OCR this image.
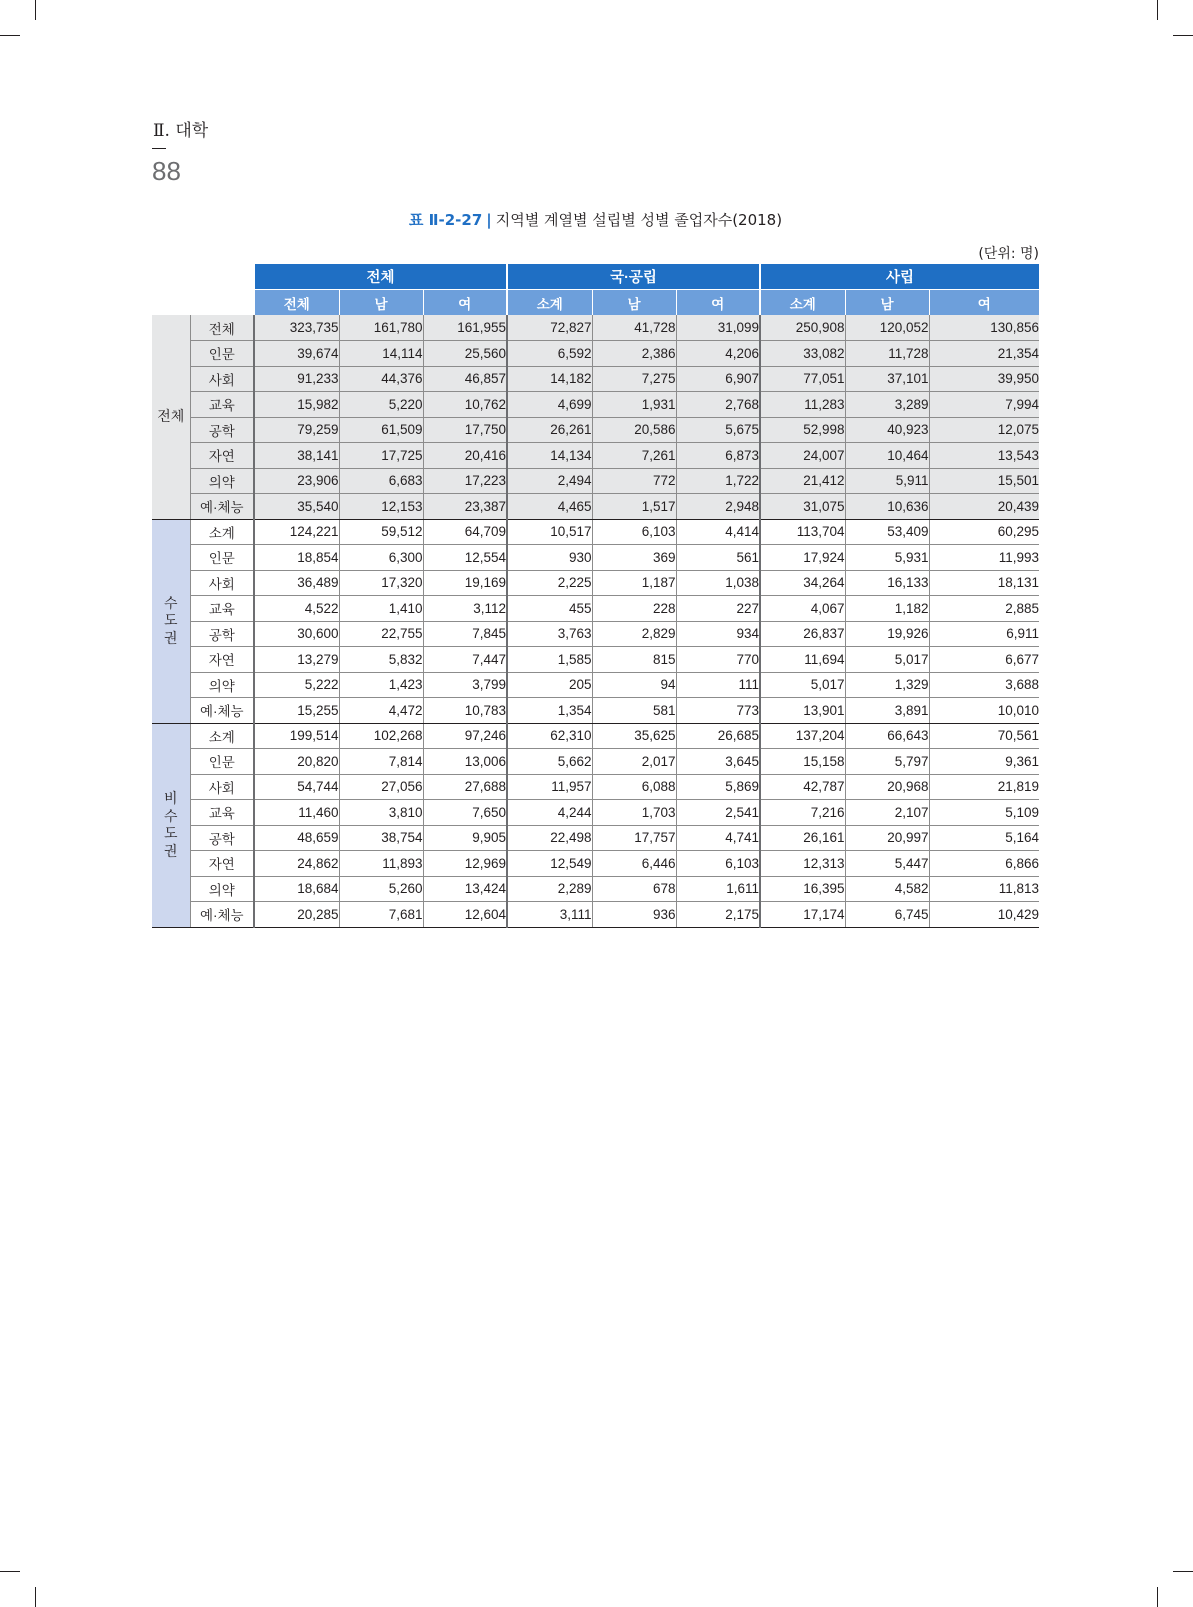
Ⅱ. 대학
88
표 Ⅱ-2-27 | 지역별 계열별 설립별 성별 졸업자수(2018)
(단위: 명)
		전체			국·공립			사립		
		전체	남	여	소계	남	여	소계	남	여
전체	전체	323,735	161,780	161,955	72,827	41,728	31,099	250,908	120,052	130,856
	인문	39,674	14,114	25,560	6,592	2,386	4,206	33,082	11,728	21,354
	사회	91,233	44,376	46,857	14,182	7,275	6,907	77,051	37,101	39,950
	교육	15,982	5,220	10,762	4,699	1,931	2,768	11,283	3,289	7,994
	공학	79,259	61,509	17,750	26,261	20,586	5,675	52,998	40,923	12,075
	자연	38,141	17,725	20,416	14,134	7,261	6,873	24,007	10,464	13,543
	의약	23,906	6,683	17,223	2,494	772	1,722	21,412	5,911	15,501
	예·체능	35,540	12,153	23,387	4,465	1,517	2,948	31,075	10,636	20,439
수도권	소계	124,221	59,512	64,709	10,517	6,103	4,414	113,704	53,409	60,295
	인문	18,854	6,300	12,554	930	369	561	17,924	5,931	11,993
	사회	36,489	17,320	19,169	2,225	1,187	1,038	34,264	16,133	18,131
	교육	4,522	1,410	3,112	455	228	227	4,067	1,182	2,885
	공학	30,600	22,755	7,845	3,763	2,829	934	26,837	19,926	6,911
	자연	13,279	5,832	7,447	1,585	815	770	11,694	5,017	6,677
	의약	5,222	1,423	3,799	205	94	111	5,017	1,329	3,688
	예·체능	15,255	4,472	10,783	1,354	581	773	13,901	3,891	10,010
비수도권	소계	199,514	102,268	97,246	62,310	35,625	26,685	137,204	66,643	70,561
	인문	20,820	7,814	13,006	5,662	2,017	3,645	15,158	5,797	9,361
	사회	54,744	27,056	27,688	11,957	6,088	5,869	42,787	20,968	21,819
	교육	11,460	3,810	7,650	4,244	1,703	2,541	7,216	2,107	5,109
	공학	48,659	38,754	9,905	22,498	17,757	4,741	26,161	20,997	5,164
	자연	24,862	11,893	12,969	12,549	6,446	6,103	12,313	5,447	6,866
	의약	18,684	5,260	13,424	2,289	678	1,611	16,395	4,582	11,813
	예·체능	20,285	7,681	12,604	3,111	936	2,175	17,174	6,745	10,429
